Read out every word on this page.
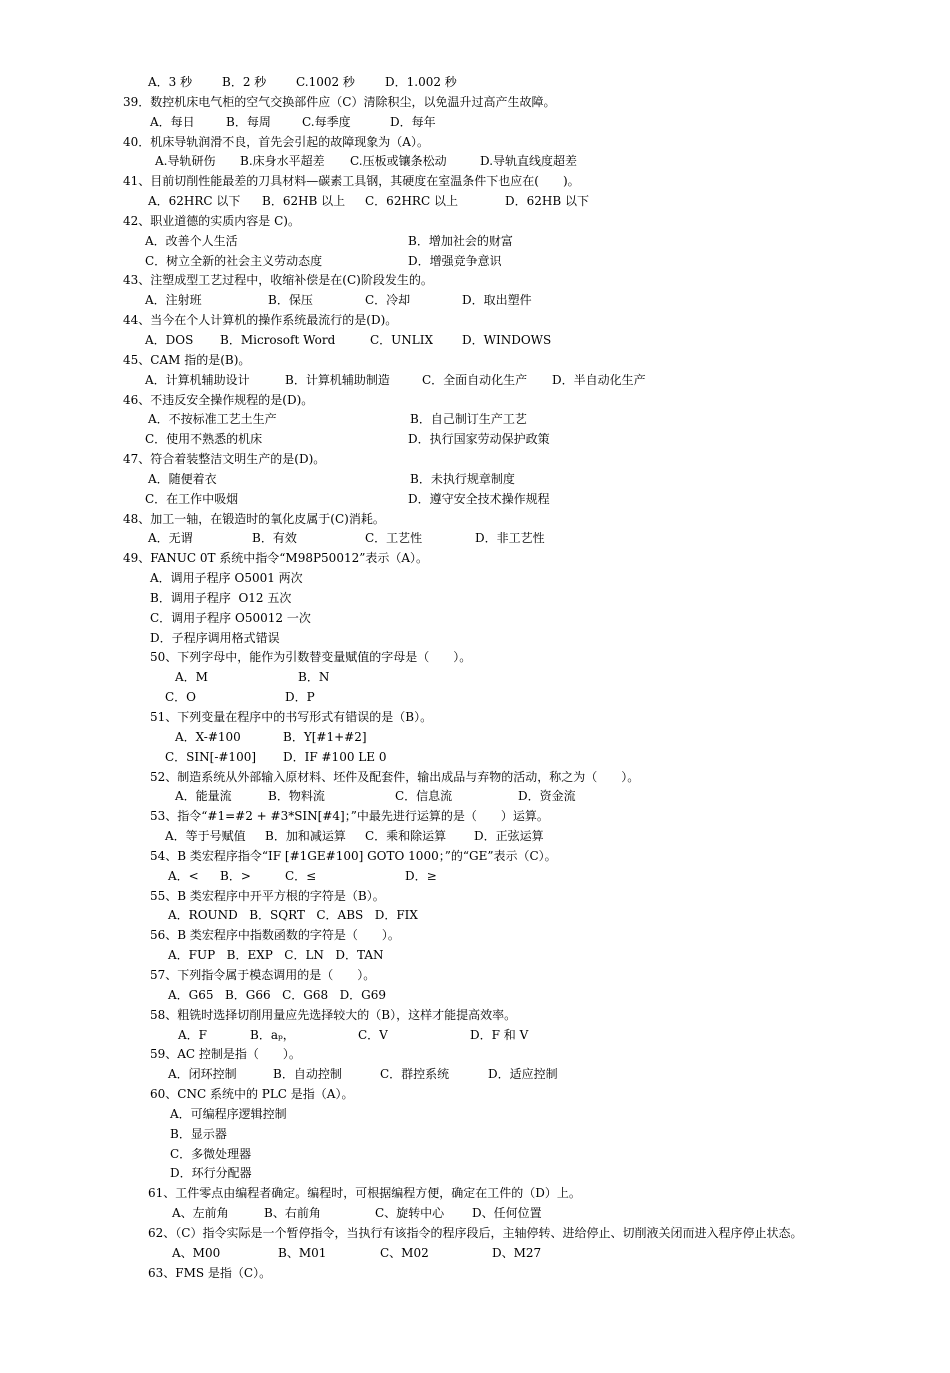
A．3 秒 B．2 秒 C.1002 秒	D．1.002 秒
39．数控机床电气柜的空气交换部件应（C）清除积尘，以免温升过高产生故障。
A．每日	B．每周	C.每季度	D．每年
40．机床导轨润滑不良，首先会引起的故障现象为（A）。
A.导轨研伤 B.床身水平超差 C.压板或镶条松动	D.导轨直线度超差
41、目前切削性能最差的刀具材料—碳素工具钢，其硬度在室温条件下也应在(　　)。
A．62HRC 以下 B．62HB 以上 C．62HRC 以上	D．62HB 以下
42、职业道德的实质内容是 C)。
A．改善个人生活	B．增加社会的财富
C．树立全新的社会主义劳动态度	D．增强竞争意识
43、注塑成型工艺过程中，收缩补偿是在(C)阶段发生的。
A．注射班	B．保压	C．冷却	D．取出塑件
44、当今在个人计算机的操作系统最流行的是(D)。
A．DOS B．Microsoft Word	C．UNLIX D．WINDOWS
45、CAM 指的是(B)。
A．计算机辅助设计	B．计算机辅助制造	C．全面自动化生产 D．半自动化生产
46、不违反安全操作规程的是(D)。
A．不按标准工艺土生产	B．自己制订生产工艺
C．使用不熟悉的机床	D．执行国家劳动保护政策
47、符合着装整洁文明生产的是(D)。
A．随便着衣	B．未执行规章制度
C．在工作中吸烟	D．遵守安全技术操作规程
48、加工一轴，在锻造时的氧化皮属于(C)消耗。
A．无谓	B．有效	C．工艺性	D．非工艺性
49、FANUC 0T 系统中指令“M98P50012”表示（A）。
A．调用子程序 O5001 两次
B．调用子程序  O12 五次
C．调用子程序 O50012 一次
D．子程序调用格式错误
50、下列字母中，能作为引数替变量赋值的字母是（　　）。
A．M	B．N
C．O	D．P
51、下列变量在程序中的书写形式有错误的是（B）。
A．X-#100	B．Y[#1+#2]
C．SIN[-#100] D．IF #100 LE 0
52、制造系统从外部输入原材料、坯件及配套件，输出成品与弃物的活动，称之为（　　）。
A．能量流	B．物料流	C．信息流	D．资金流
53、指令“#1=#2 + #3*SIN[#4]；”中最先进行运算的是（　　）运算。
A．等于号赋值 B．加和减运算 C．乘和除运算 D．正弦运算
54、B 类宏程序指令“IF [#1GE#100] GOTO 1000；”的“GE”表示（C）。
A．< B．>	C．≤	D．≥
55、B 类宏程序中开平方根的字符是（B）。
A．ROUND   B．SQRT   C．ABS   D．FIX
56、B 类宏程序中指数函数的字符是（　　）。
A．FUP   B．EXP   C．LN   D．TAN
57、下列指令属于模态调用的是（　　）。
A．G65   B．G66   C．G68   D．G69
58、粗铣时选择切削用量应先选择较大的（B），这样才能提高效率。
A．F	B．aₚ，	C．V	D．F 和 V
59、AC 控制是指（　　）。
A．闭环控制	B．自动控制	C．群控系统	D．适应控制
60、CNC 系统中的 PLC 是指（A）。
A．可编程序逻辑控制
B．显示器
C．多微处理器
D．环行分配器
61、工件零点由编程者确定。编程时，可根据编程方便，确定在工件的（D）上。
A、左前角	B、右前角	C、旋转中心 D、任何位置
62、（C）指令实际是一个暂停指令，当执行有该指令的程序段后，主轴停转、进给停止、切削液关闭而进入程序停止状态。
A、M00	B、M01	C、M02	D、M27
63、FMS 是指（C）。
